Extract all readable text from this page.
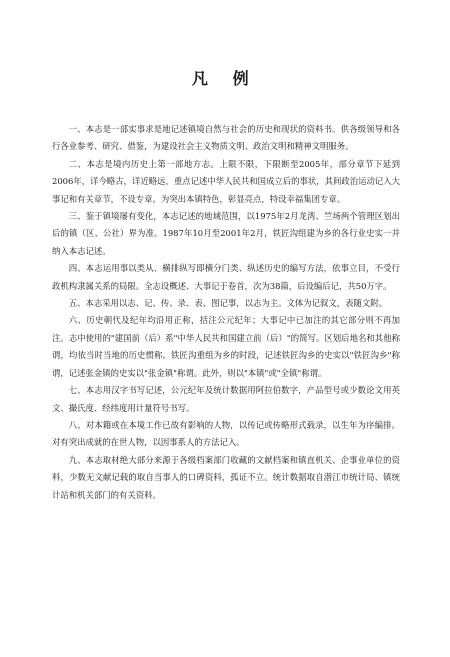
凡 例

一、本志是一部实事求是地记述镇境自然与社会的历史和现状的资料书。供各级领导和各行各业参考、研究、借鉴，为建设社会主义物质文明、政治文明和精神文明服务。

二、本志是境内历史上第一部地方志。上限不限，下限断至2005年，部分章节下延到2006年，详今略古，详近略远，重点记述中华人民共和国成立后的事状，其间政治运动记入大事记和有关章节，不设专章。为突出本镇特色，彰显亮点，特设幸福集团专章。

三、鉴于镇境屡有变化，本志记述的地域范围，以1975年2月龙湾、竺场两个管理区划出后的镇（区、公社）界为准。1987年10月至2001年2月，铁匠沟组建为乡的各行业史实一并纳入本志记述。

四、本志运用事以类从、横排纵写即横分门类、纵述历史的编写方法，依事立目，不受行政机构隶属关系的局限。全志设概述、大事记于卷首，次为38篇，后设编后记，共50万字。

五、本志采用以志、记、传、录、表、图记事，以志为主。文体为记叙文，表随文附。

六、历史朝代及纪年均沿用正称，括注公元纪年；大事记中已加注的其它部分则不再加注。志中使用的"建国前（后）系"中华人民共和国建立前（后）"的简写。区划后地名和其他称谓，均依当时当地的历史惯称。铁匠沟重组为乡的时段，记述铁匠沟乡的史实以"铁匠沟乡"称谓，记述张金镇的史实以"张金镇"称谓。此外，则以"本镇"或"全镇"称谓。

七、本志用汉字书写记述，公元纪年及统计数据用阿拉伯数字，产品型号或少数论文用英文、撮氏度、经纬度用计量符号书写。

八、对本籍或在本境工作已故有影响的人物，以传记或传略形式载录，以生年为序编排。对有突出成就的在世人物，以因事系人的方法记入。

九、本志取材绝大部分来源于各级档案部门收藏的文献档案和镇直机关、企事业单位的资料，少数无文献记载的取自当事人的口碑资料，孤证不立。统计数据取自潜江市统计局、镇统计站和机关部门的有关资料。
